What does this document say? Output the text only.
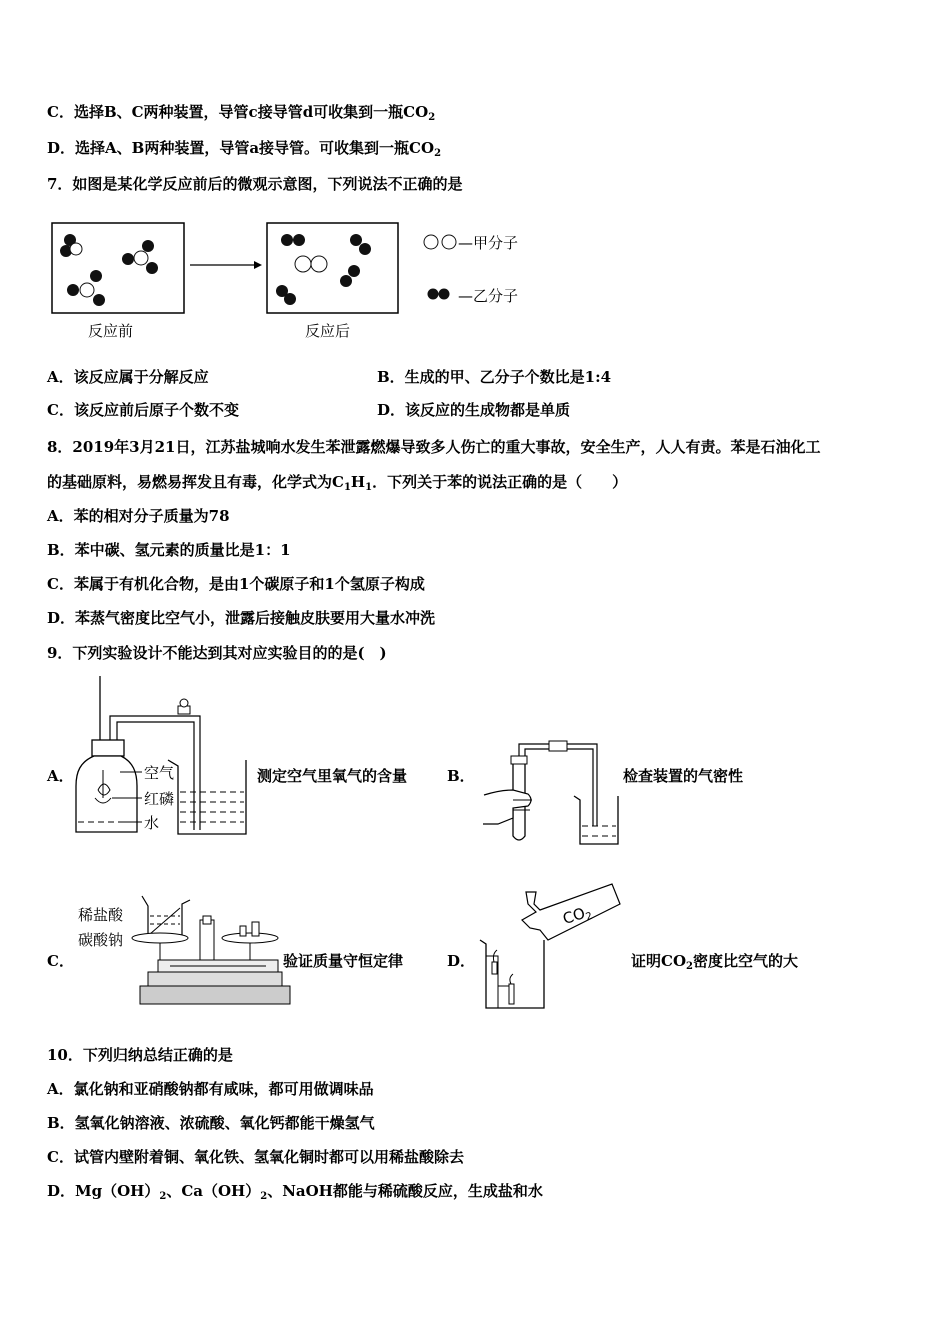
C．选择B、C两种装置，导管c接导管d可收集到一瓶$CO_2$
D．选择A、B两种装置，导管a接导管。可收集到一瓶$CO_2$
7．如图是某化学反应前后的微观示意图，下列说法不正确的是
—甲分子
—乙分子
反应前	反应后
A．该反应属于分解反应	B．生成的甲、乙分子个数比是1:4
C．该反应前后原子个数不变	D．该反应的生成物都是单质
8．2019年3月21日，江苏盐城响水发生苯泄露燃爆导致多人伤亡的重大事故，安全生产，人人有责。苯是石油化工
的基础原料，易燃易挥发且有毒，化学式为$C_1H_1$．下列关于苯的说法正确的是（　　）
A．苯的相对分子质量为78
B．苯中碳、氢元素的质量比是1：1
C．苯属于有机化合物，是由1个碳原子和1个氢原子构成
D．苯蒸气密度比空气小，泄露后接触皮肤要用大量水冲洗
9．下列实验设计不能达到其对应实验目的的是(　)
A．	空气
红磷
水
测定空气里氧气的含量	B．	检查装置的气密性
C．
稀盐酸
碳酸钠
验证质量守恒定律
$CO_2$
D．	证明$CO_2$密度比空气的大
10．下列归纳总结正确的是
A．氯化钠和亚硝酸钠都有咸味，都可用做调味品
B．氢氧化钠溶液、浓硫酸、氧化钙都能干燥氢气
C．试管内壁附着铜、氧化铁、氢氧化铜时都可以用稀盐酸除去
D．$Mg(OH)_2$、$Ca(OH)_2$、NaOH都能与稀硫酸反应，生成盐和水
